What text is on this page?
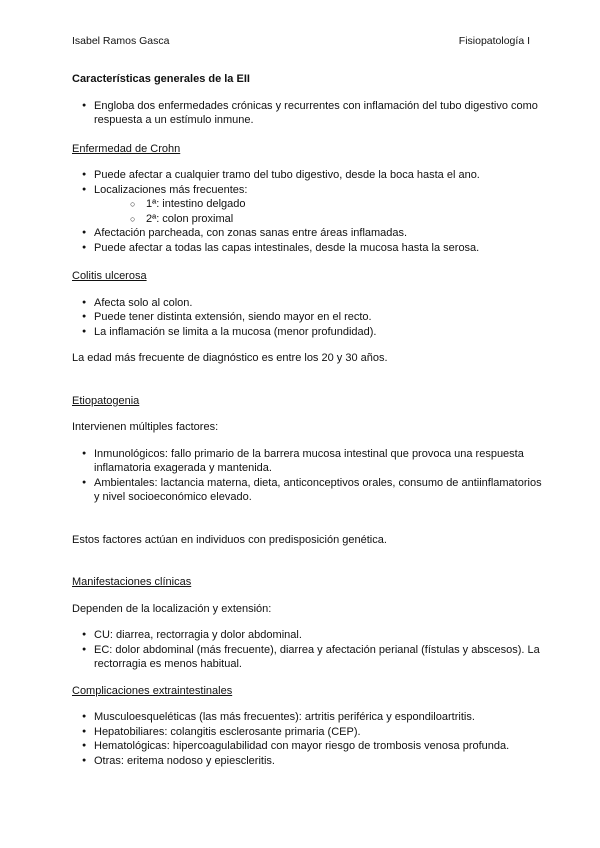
Isabel Ramos Gasca	Fisiopatología I

Características generales de la EII

● Engloba dos enfermedades crónicas y recurrentes con inflamación del tubo digestivo como respuesta a un estímulo inmune.

Enfermedad de Crohn

● Puede afectar a cualquier tramo del tubo digestivo, desde la boca hasta el ano.
● Localizaciones más frecuentes:
○ 1ª: intestino delgado
○ 2ª: colon proximal
● Afectación parcheada, con zonas sanas entre áreas inflamadas.
● Puede afectar a todas las capas intestinales, desde la mucosa hasta la serosa.

Colitis ulcerosa

● Afecta solo al colon.
● Puede tener distinta extensión, siendo mayor en el recto.
● La inflamación se limita a la mucosa (menor profundidad).

La edad más frecuente de diagnóstico es entre los 20 y 30 años.

Etiopatogenia

Intervienen múltiples factores:

● Inmunológicos: fallo primario de la barrera mucosa intestinal que provoca una respuesta inflamatoria exagerada y mantenida.
● Ambientales: lactancia materna, dieta, anticonceptivos orales, consumo de antiinflamatorios y nivel socioeconómico elevado.

Estos factores actúan en individuos con predisposición genética.

Manifestaciones clínicas

Dependen de la localización y extensión:

● CU: diarrea, rectorragia y dolor abdominal.
● EC: dolor abdominal (más frecuente), diarrea y afectación perianal (fístulas y abscesos). La rectorragia es menos habitual.

Complicaciones extraintestinales

● Musculoesqueléticas (las más frecuentes): artritis periférica y espondiloartritis.
● Hepatobiliares: colangitis esclerosante primaria (CEP).
● Hematológicas: hipercoagulabilidad con mayor riesgo de trombosis venosa profunda.
● Otras: eritema nodoso y epiescleritis.
